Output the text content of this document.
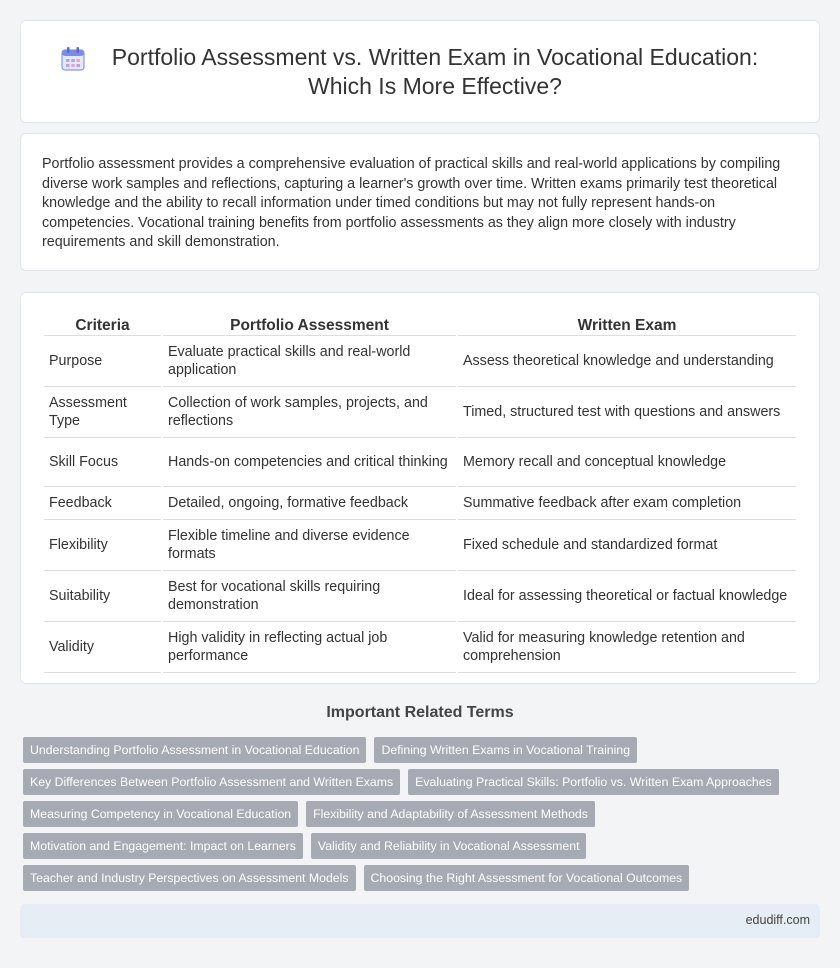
Portfolio Assessment vs. Written Exam in Vocational Education: Which Is More Effective?

Portfolio assessment provides a comprehensive evaluation of practical skills and real-world applications by compiling diverse work samples and reflections, capturing a learner's growth over time. Written exams primarily test theoretical knowledge and the ability to recall information under timed conditions but may not fully represent hands-on competencies. Vocational training benefits from portfolio assessments as they align more closely with industry requirements and skill demonstration.

Criteria	Portfolio Assessment	Written Exam
Purpose	Evaluate practical skills and real-world application	Assess theoretical knowledge and understanding
Assessment Type	Collection of work samples, projects, and reflections	Timed, structured test with questions and answers
Skill Focus	Hands-on competencies and critical thinking	Memory recall and conceptual knowledge
Feedback	Detailed, ongoing, formative feedback	Summative feedback after exam completion
Flexibility	Flexible timeline and diverse evidence formats	Fixed schedule and standardized format
Suitability	Best for vocational skills requiring demonstration	Ideal for assessing theoretical or factual knowledge
Validity	High validity in reflecting actual job performance	Valid for measuring knowledge retention and comprehension
Important Related Terms
Understanding Portfolio Assessment in Vocational Education	Defining Written Exams in Vocational Training
Key Differences Between Portfolio Assessment and Written Exams	Evaluating Practical Skills: Portfolio vs. Written Exam Approaches
Measuring Competency in Vocational Education	Flexibility and Adaptability of Assessment Methods
Motivation and Engagement: Impact on Learners	Validity and Reliability in Vocational Assessment
Teacher and Industry Perspectives on Assessment Models	Choosing the Right Assessment for Vocational Outcomes
edudiff.com
